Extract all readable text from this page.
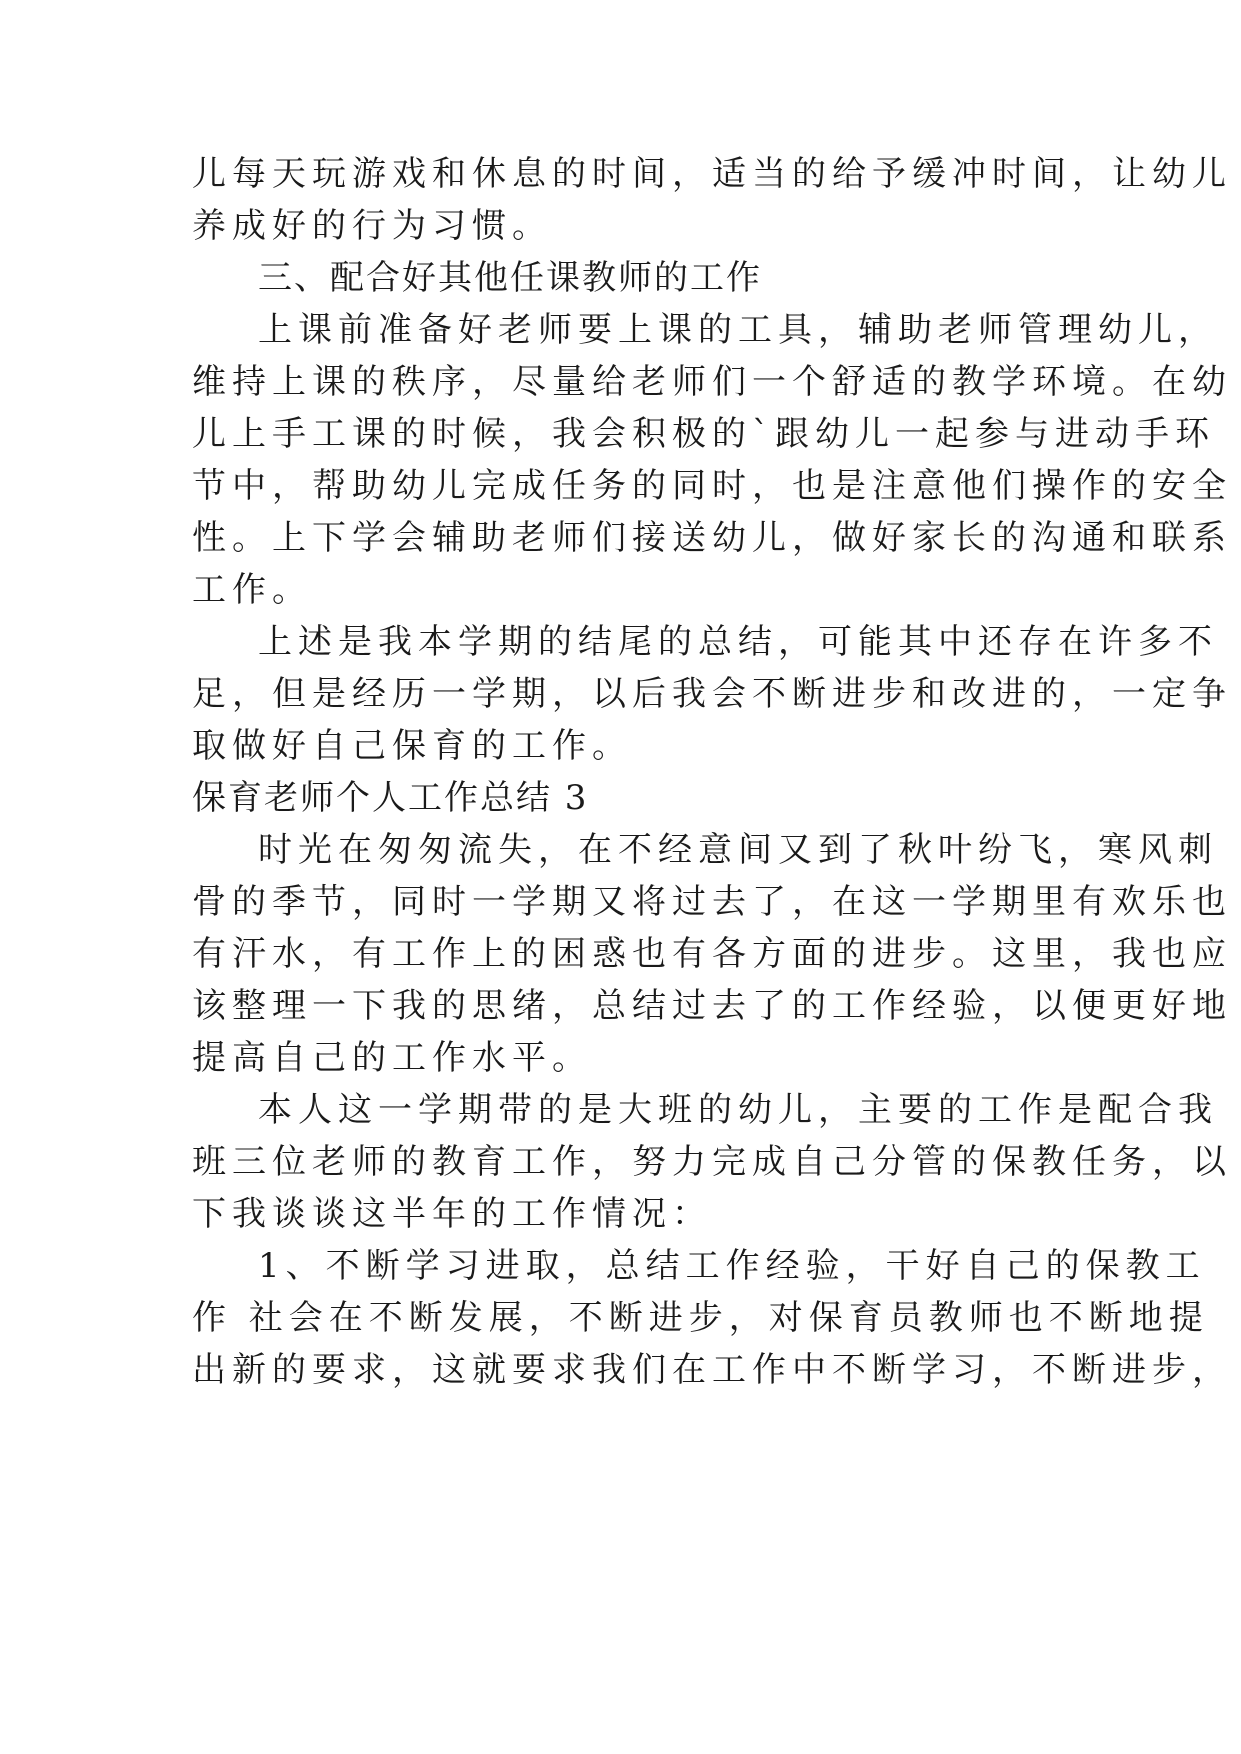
儿每天玩游戏和休息的时间，适当的给予缓冲时间，让幼儿
养成好的行为习惯。
三、配合好其他任课教师的工作
上课前准备好老师要上课的工具，辅助老师管理幼儿，
维持上课的秩序，尽量给老师们一个舒适的教学环境。在幼
儿上手工课的时候，我会积极的`跟幼儿一起参与进动手环
节中，帮助幼儿完成任务的同时，也是注意他们操作的安全
性。上下学会辅助老师们接送幼儿，做好家长的沟通和联系
工作。
上述是我本学期的结尾的总结，可能其中还存在许多不
足，但是经历一学期，以后我会不断进步和改进的，一定争
取做好自己保育的工作。
保育老师个人工作总结 3
时光在匆匆流失，在不经意间又到了秋叶纷飞，寒风刺
骨的季节，同时一学期又将过去了，在这一学期里有欢乐也
有汗水，有工作上的困惑也有各方面的进步。这里，我也应
该整理一下我的思绪，总结过去了的工作经验，以便更好地
提高自己的工作水平。
本人这一学期带的是大班的幼儿，主要的工作是配合我
班三位老师的教育工作，努力完成自己分管的保教任务，以
下我谈谈这半年的工作情况：
1、不断学习进取，总结工作经验，干好自己的保教工
作 社会在不断发展，不断进步，对保育员教师也不断地提
出新的要求，这就要求我们在工作中不断学习，不断进步，
